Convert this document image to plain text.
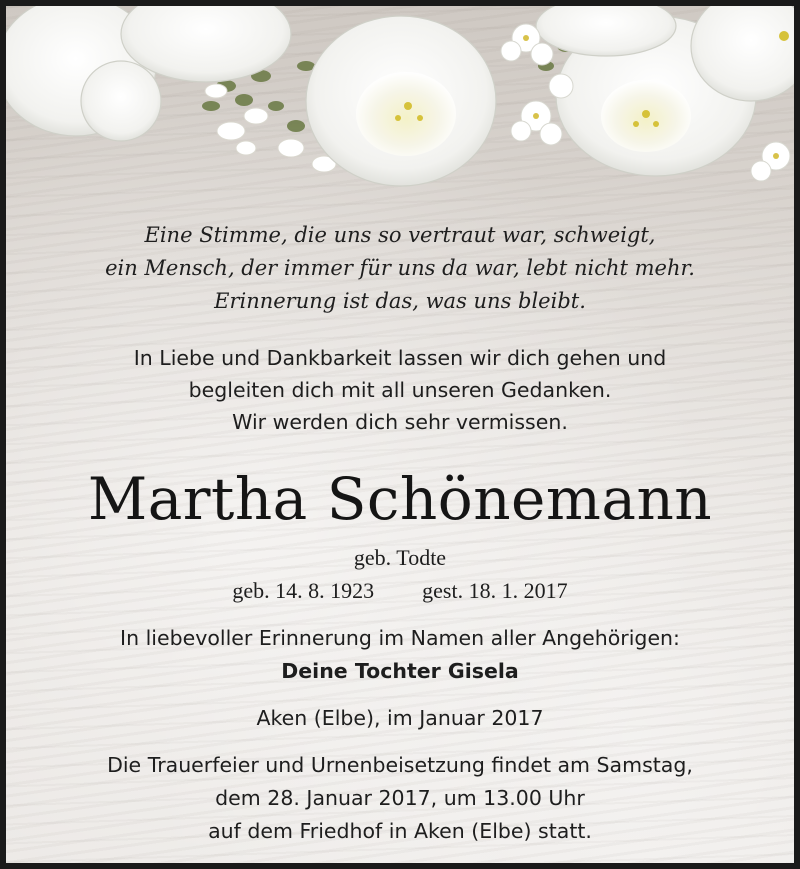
Eine Stimme, die uns so vertraut war, schweigt,
ein Mensch, der immer für uns da war, lebt nicht mehr.
Erinnerung ist das, was uns bleibt.
In Liebe und Dankbarkeit lassen wir dich gehen und
begleiten dich mit all unseren Gedanken.
Wir werden dich sehr vermissen.
Martha Schönemann
geb. Todte
geb. 14. 8. 1923 gest. 18. 1. 2017
In liebevoller Erinnerung im Namen aller Angehörigen:
Deine Tochter Gisela
Aken (Elbe), im Januar 2017
Die Trauerfeier und Urnenbeisetzung findet am Samstag,
dem 28. Januar 2017, um 13.00 Uhr
auf dem Friedhof in Aken (Elbe) statt.
